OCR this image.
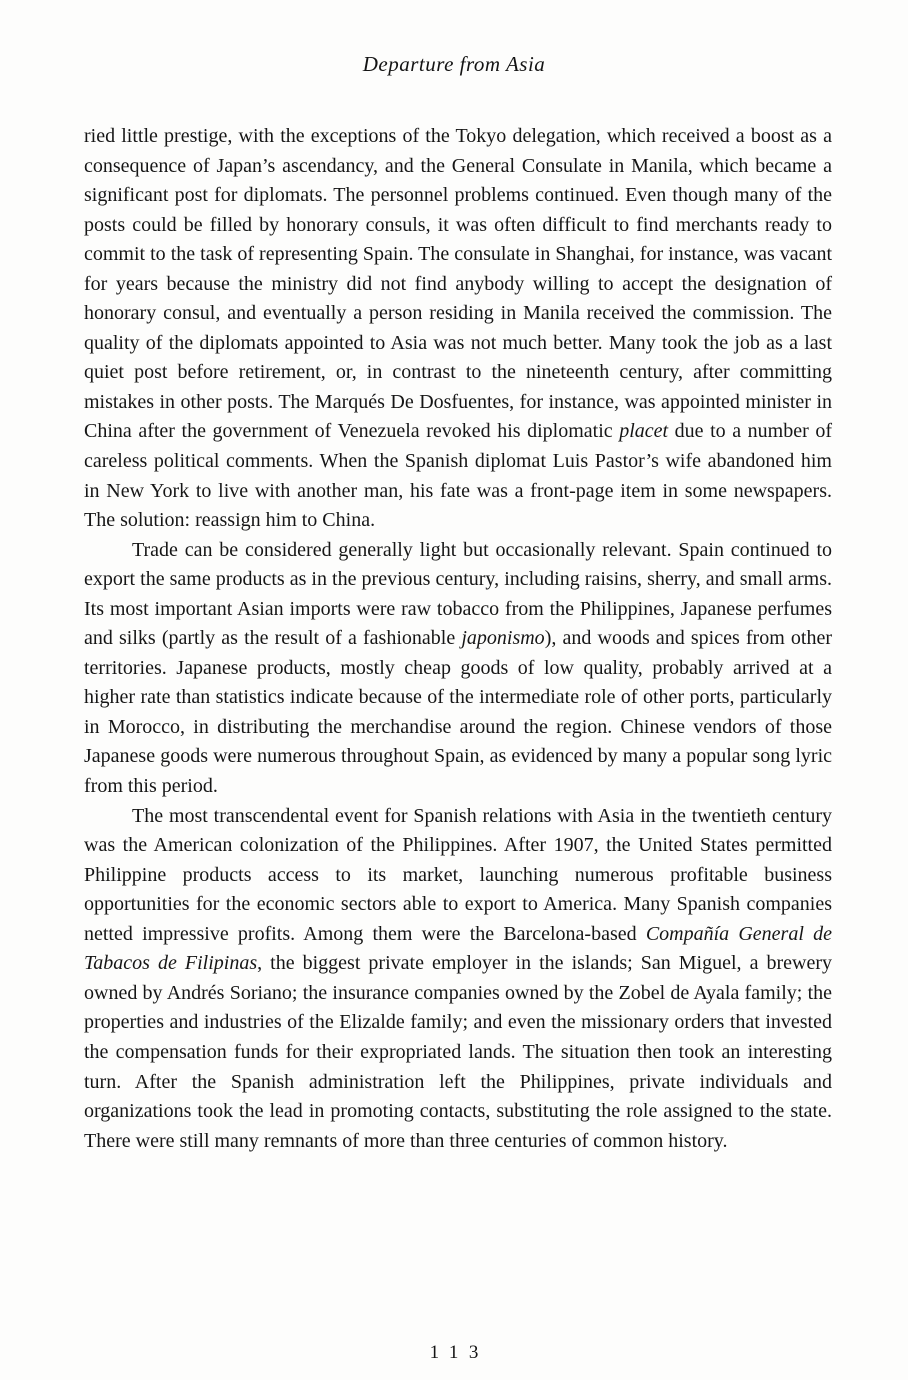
Departure from Asia

ried little prestige, with the exceptions of the Tokyo delegation, which received a boost as a consequence of Japan’s ascendancy, and the General Consulate in Manila, which became a significant post for diplomats. The personnel problems continued. Even though many of the posts could be filled by honorary consuls, it was often difficult to find merchants ready to commit to the task of representing Spain. The consulate in Shanghai, for instance, was vacant for years because the ministry did not find anybody willing to accept the designation of honorary consul, and eventually a person residing in Manila received the commission. The quality of the diplomats appointed to Asia was not much better. Many took the job as a last quiet post before retirement, or, in contrast to the nineteenth century, after committing mistakes in other posts. The Marqués De Dosfuentes, for instance, was appointed minister in China after the government of Venezuela revoked his diplomatic placet due to a number of careless political comments. When the Spanish diplomat Luis Pastor’s wife abandoned him in New York to live with another man, his fate was a front-page item in some newspapers. The solution: reassign him to China.

Trade can be considered generally light but occasionally relevant. Spain continued to export the same products as in the previous century, including raisins, sherry, and small arms. Its most important Asian imports were raw tobacco from the Philippines, Japanese perfumes and silks (partly as the result of a fashionable japonismo), and woods and spices from other territories. Japanese products, mostly cheap goods of low quality, probably arrived at a higher rate than statistics indicate because of the intermediate role of other ports, particularly in Morocco, in distributing the merchandise around the region. Chinese vendors of those Japanese goods were numerous throughout Spain, as evidenced by many a popular song lyric from this period.

The most transcendental event for Spanish relations with Asia in the twentieth century was the American colonization of the Philippines. After 1907, the United States permitted Philippine products access to its market, launching numerous profitable business opportunities for the economic sectors able to export to America. Many Spanish companies netted impressive profits. Among them were the Barcelona-based Compañía General de Tabacos de Filipinas, the biggest private employer in the islands; San Miguel, a brewery owned by Andrés Soriano; the insurance companies owned by the Zobel de Ayala family; the properties and industries of the Elizalde family; and even the missionary orders that invested the compensation funds for their expropriated lands. The situation then took an interesting turn. After the Spanish administration left the Philippines, private individuals and organizations took the lead in promoting contacts, substituting the role assigned to the state. There were still many remnants of more than three centuries of common history.

113
